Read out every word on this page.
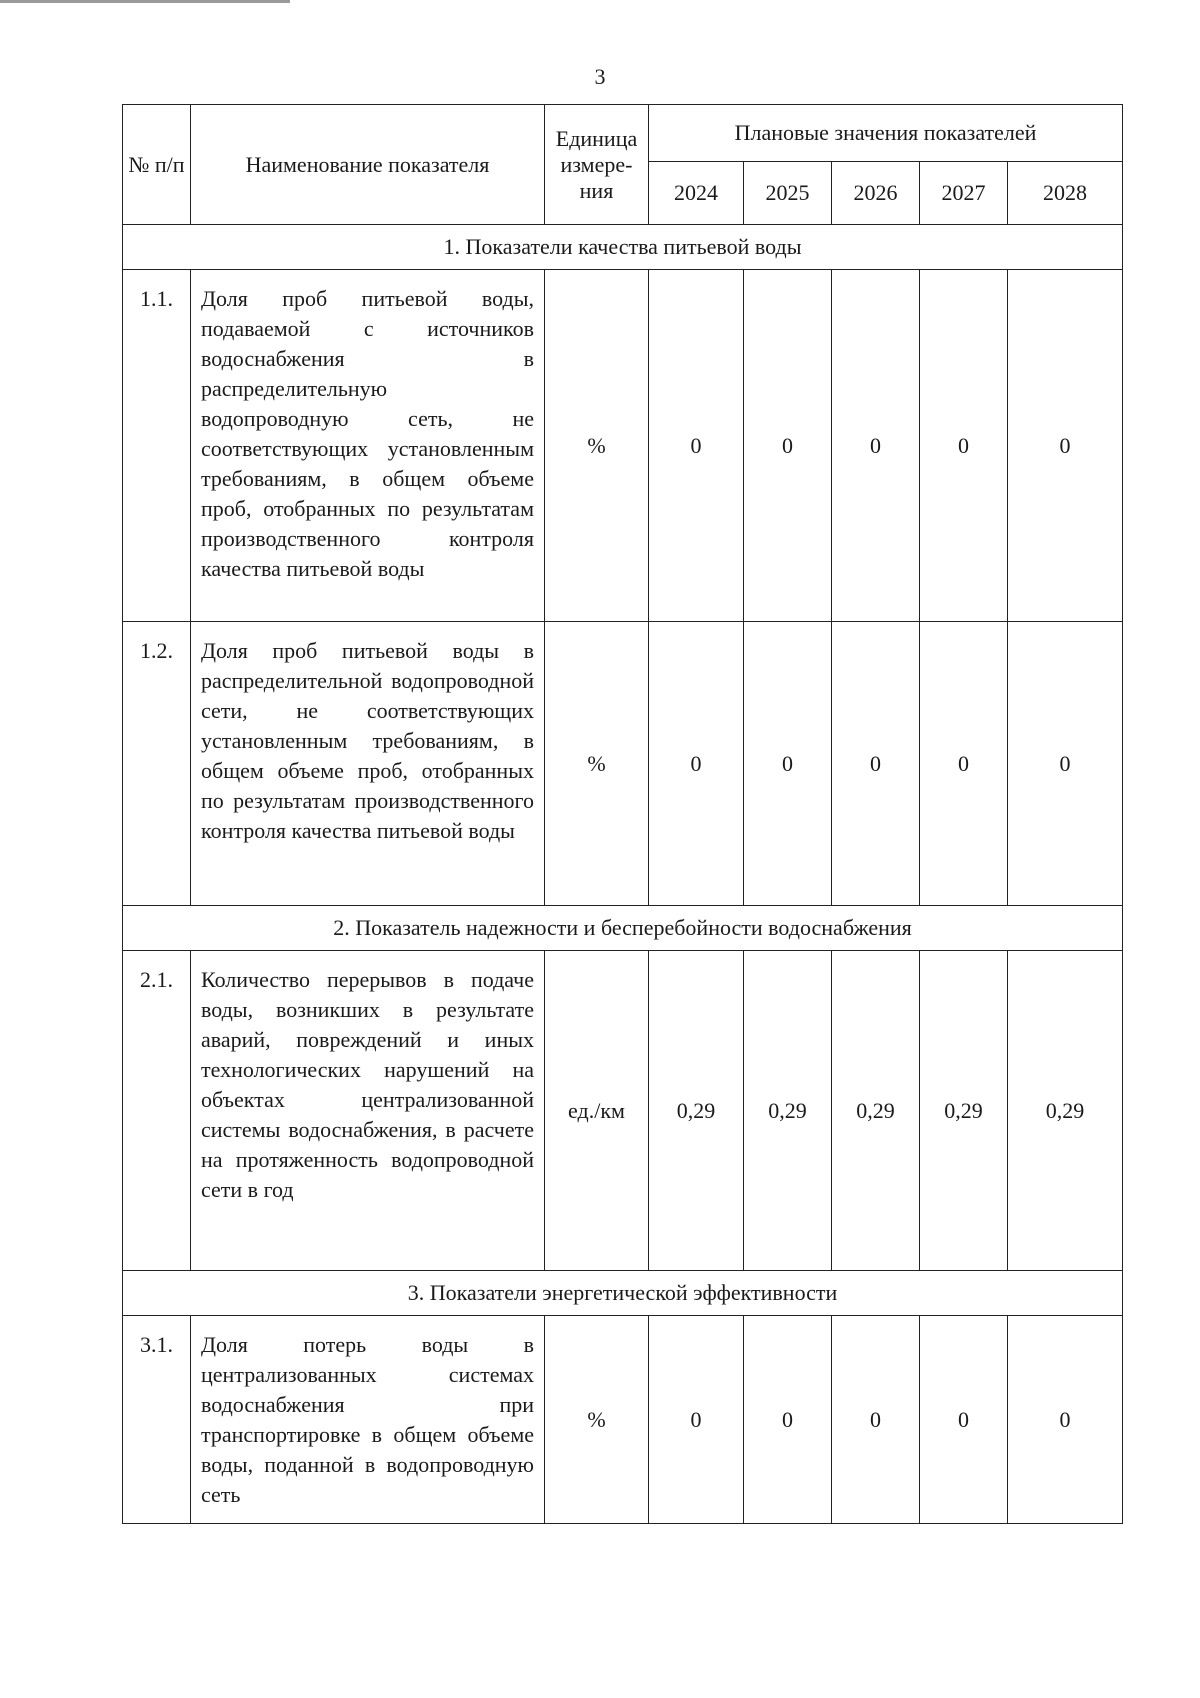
3
№ п/п	Наименование показателя	Единица измере-ния	Плановые значения показателей				
			2024	2025	2026	2027	2028
1. Показатели качества питьевой воды							
1.1.	Доля проб питьевой воды, подаваемой с источников водоснабжения в распределительную водопроводную сеть, не соответствующих установленным требованиям, в общем объеме проб, отобранных по результатам производственного контроля качества питьевой воды	%	0	0	0	0	0
1.2.	Доля проб питьевой воды в распределительной водопроводной сети, не соответствующих установленным требованиям, в общем объеме проб, отобранных по результатам производственного контроля качества питьевой воды	%	0	0	0	0	0
2. Показатель надежности и бесперебойности водоснабжения							
2.1.	Количество перерывов в подаче воды, возникших в результате аварий, повреждений и иных технологических нарушений на объектах централизованной системы водоснабжения, в расчете на протяженность водопроводной сети в год	ед./км	0,29	0,29	0,29	0,29	0,29
3. Показатели энергетической эффективности							
3.1.	Доля потерь воды в централизованных системах водоснабжения при транспортировке в общем объеме воды, поданной в водопроводную сеть	%	0	0	0	0	0
